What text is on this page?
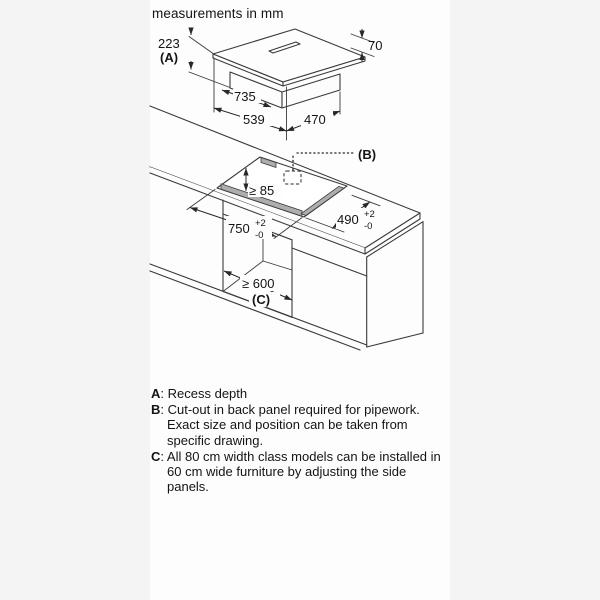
measurements in mm
(B)
≥ 85
750 +2
-0
490 +2
-0
≥ 600
(C)
223
(A)
70
735
539	470
A: Recess depth
B: Cut-out in back panel required for pipework. Exact size and position can be taken from specific drawing.
C: All 80 cm width class models can be installed in 60 cm wide furniture by adjusting the side panels.
